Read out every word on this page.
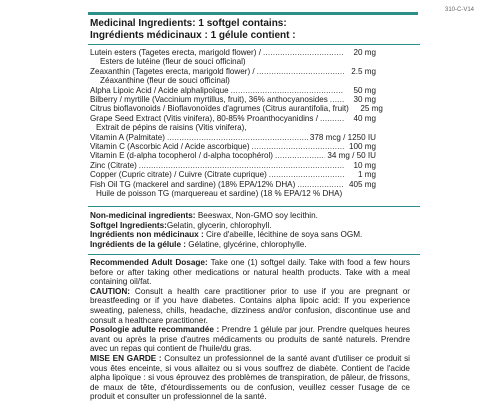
310-C-V14
Medicinal Ingredients: 1 softgel contains:
Ingrédients médicinaux : 1 gélule contient :
Lutein esters (Tagetes erecta, marigold flower) / .....	20 mg
Esters de lutéine (fleur de souci officinal)
Zeaxanthin (Tagetes erecta, marigold flower) / .....	2.5 mg
Zéaxanthine (fleur de souci officinal)
Alpha Lipoic Acid / Acide alphalipoïque .....	50 mg
Bilberry / myrtille (Vaccinium myrtillus, fruit), 36% anthocyanosides .....	30 mg
Citrus bioflavonoids / Bioflavonoïdes d'agrumes (Citrus aurantifolia, fruit)	25 mg
Grape Seed Extract (Vitis vinifera), 80-85% Proanthocyanidins / .....	40 mg
Extrait de pépins de raisins (Vitis vinifera),
Vitamin A (Palmitate) .....	378 mcg / 1250 IU
Vitamin C (Ascorbic Acid / Acide ascorbique) .....	100 mg
Vitamin E (d-alpha tocopherol / d-alpha tocophérol) .....	34 mg / 50 IU
Zinc (Citrate) .....	10 mg
Copper (Cupric citrate) / Cuivre (Citrate cuprique) .....	1 mg
Fish Oil TG (mackerel and sardine) (18% EPA/12% DHA) .....	405 mg
Huile de poisson TG (marquereau et sardine) (18 % EPA/12 % DHA)

Non-medicinal ingredients: Beeswax, Non-GMO soy lecithin.

Softgel Ingredients:Gelatin, glycerin, chlorophyll.

Ingrédients non médicinaux : Cire d'abeille, lécithine de soya sans OGM.

Ingrédients de la gélule : Gélatine, glycérine, chlorophylle.

Recommended Adult Dosage: Take one (1) softgel daily. Take with food a few hours before or after taking other medications or natural health products. Take with a meal containing oil/fat.

CAUTION: Consult a health care practitioner prior to use if you are pregnant or breastfeeding or if you have diabetes. Contains alpha lipoic acid: If you experience sweating, paleness, chills, headache, dizziness and/or confusion, discontinue use and consult a healthcare practitioner.

Posologie adulte recommandée : Prendre 1 gélule par jour. Prendre quelques heures avant ou après la prise d'autres médicaments ou produits de santé naturels. Prendre avec un repas qui contient de l'huile/du gras.

MISE EN GARDE : Consultez un professionnel de la santé avant d'utiliser ce produit si vous êtes enceinte, si vous allaitez ou si vous souffrez de diabète. Contient de l'acide alpha lipoïque : si vous éprouvez des problèmes de transpiration, de pâleur, de frissons, de maux de tête, d'étourdissements ou de confusion, veuillez cesser l'usage de ce produit et consulter un professionnel de la santé.
